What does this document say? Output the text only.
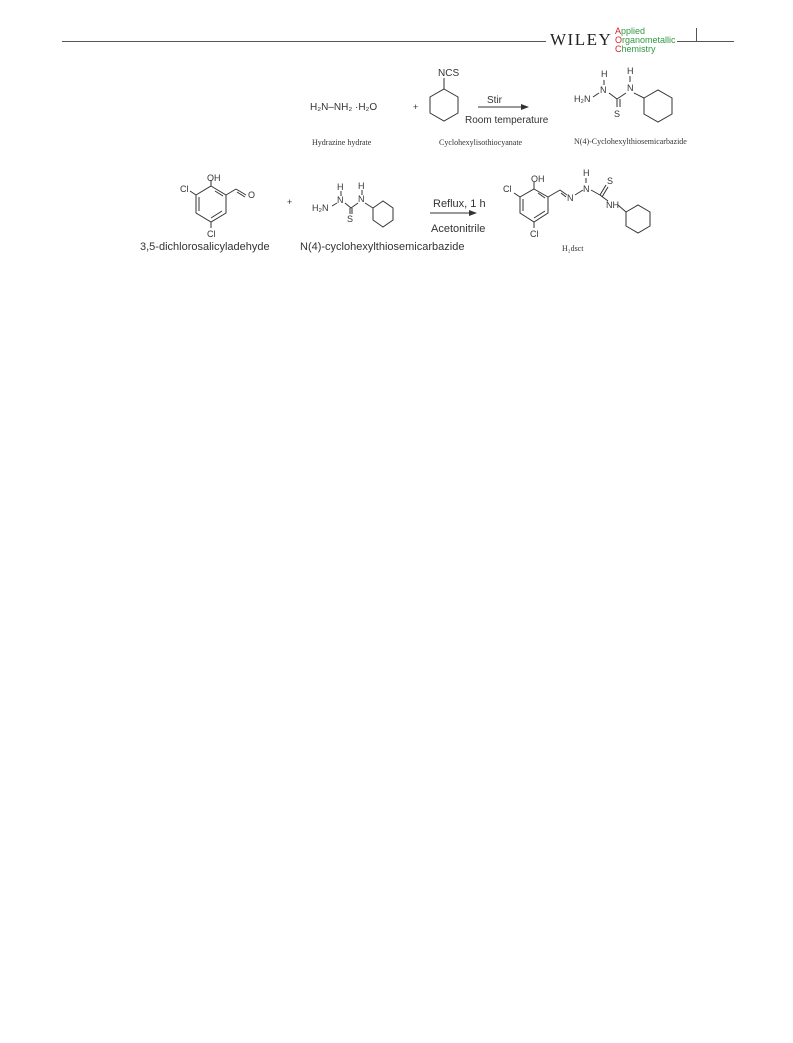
WILEY Applied
Organometallic
Chemistry
H₂N–NH₂ ·H₂O	+
NCS
Stir
Room temperature
H
N
H₂N
S
H
N
Hydrazine hydrate	Cyclohexylisothiocyanate	N(4)-Cyclohexylthiosemicarbazide
OH
Cl
O
Cl
+
H
N
H₂N
S
H
N	Reflux, 1 h
Acetonitrile
OH
Cl
Cl
N
H
N
S
NH
3,5-dichlorosalicyladehyde	N(4)-cyclohexylthiosemicarbazide	H₂dsct
